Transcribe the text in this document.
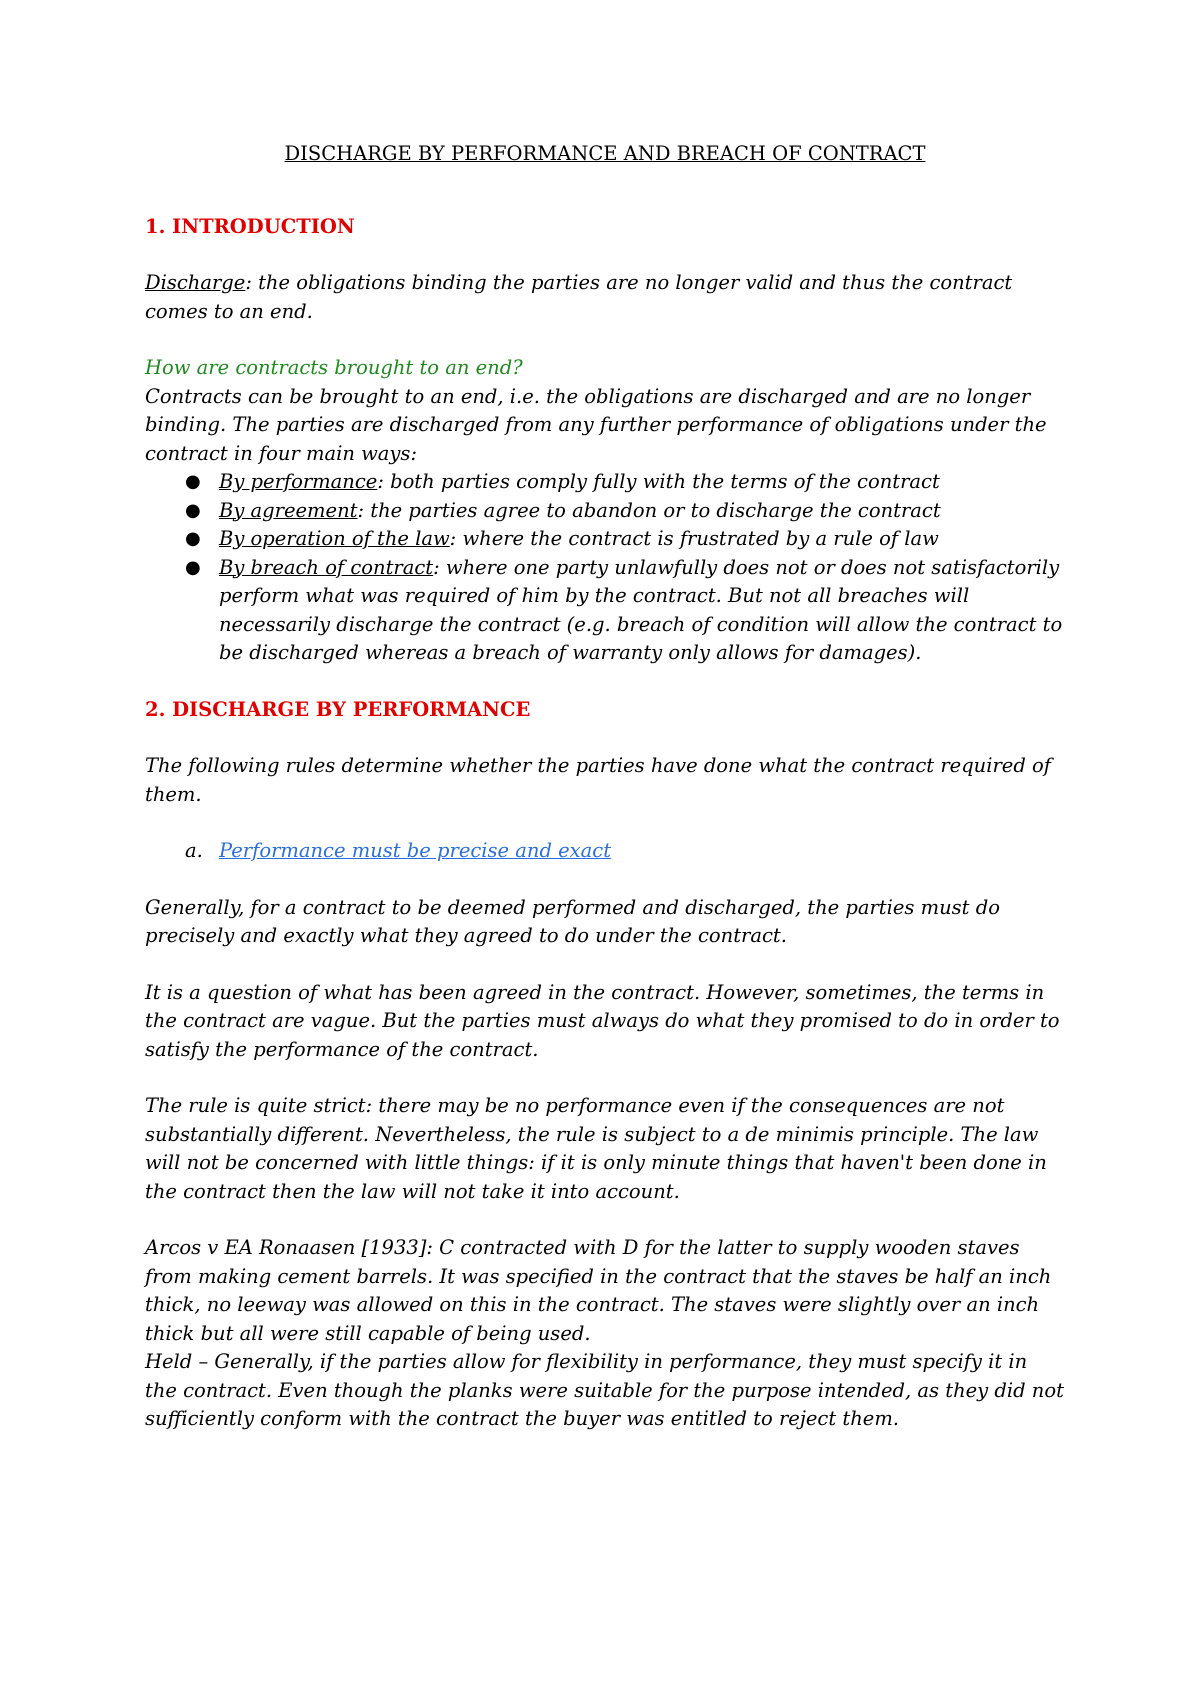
DISCHARGE BY PERFORMANCE AND BREACH OF CONTRACT
1. INTRODUCTION

Discharge: the obligations binding the parties are no longer valid and thus the contract comes to an end.

How are contracts brought to an end?

Contracts can be brought to an end, i.e. the obligations are discharged and are no longer binding. The parties are discharged from any further performance of obligations under the contract in four main ways:

● By performance: both parties comply fully with the terms of the contract
● By agreement: the parties agree to abandon or to discharge the contract
● By operation of the law: where the contract is frustrated by a rule of law
● By breach of contract: where one party unlawfully does not or does not satisfactorily perform what was required of him by the contract. But not all breaches will necessarily discharge the contract (e.g. breach of condition will allow the contract to be discharged whereas a breach of warranty only allows for damages).
2. DISCHARGE BY PERFORMANCE

The following rules determine whether the parties have done what the contract required of them.

a. Performance must be precise and exact

Generally, for a contract to be deemed performed and discharged, the parties must do precisely and exactly what they agreed to do under the contract.

It is a question of what has been agreed in the contract. However, sometimes, the terms in the contract are vague. But the parties must always do what they promised to do in order to satisfy the performance of the contract.

The rule is quite strict: there may be no performance even if the consequences are not substantially different. Nevertheless, the rule is subject to a de minimis principle. The law will not be concerned with little things: if it is only minute things that haven't been done in the contract then the law will not take it into account.

Arcos v EA Ronaasen [1933]: C contracted with D for the latter to supply wooden staves from making cement barrels. It was specified in the contract that the staves be half an inch thick, no leeway was allowed on this in the contract. The staves were slightly over an inch thick but all were still capable of being used.

Held – Generally, if the parties allow for flexibility in performance, they must specify it in the contract. Even though the planks were suitable for the purpose intended, as they did not sufficiently conform with the contract the buyer was entitled to reject them.
